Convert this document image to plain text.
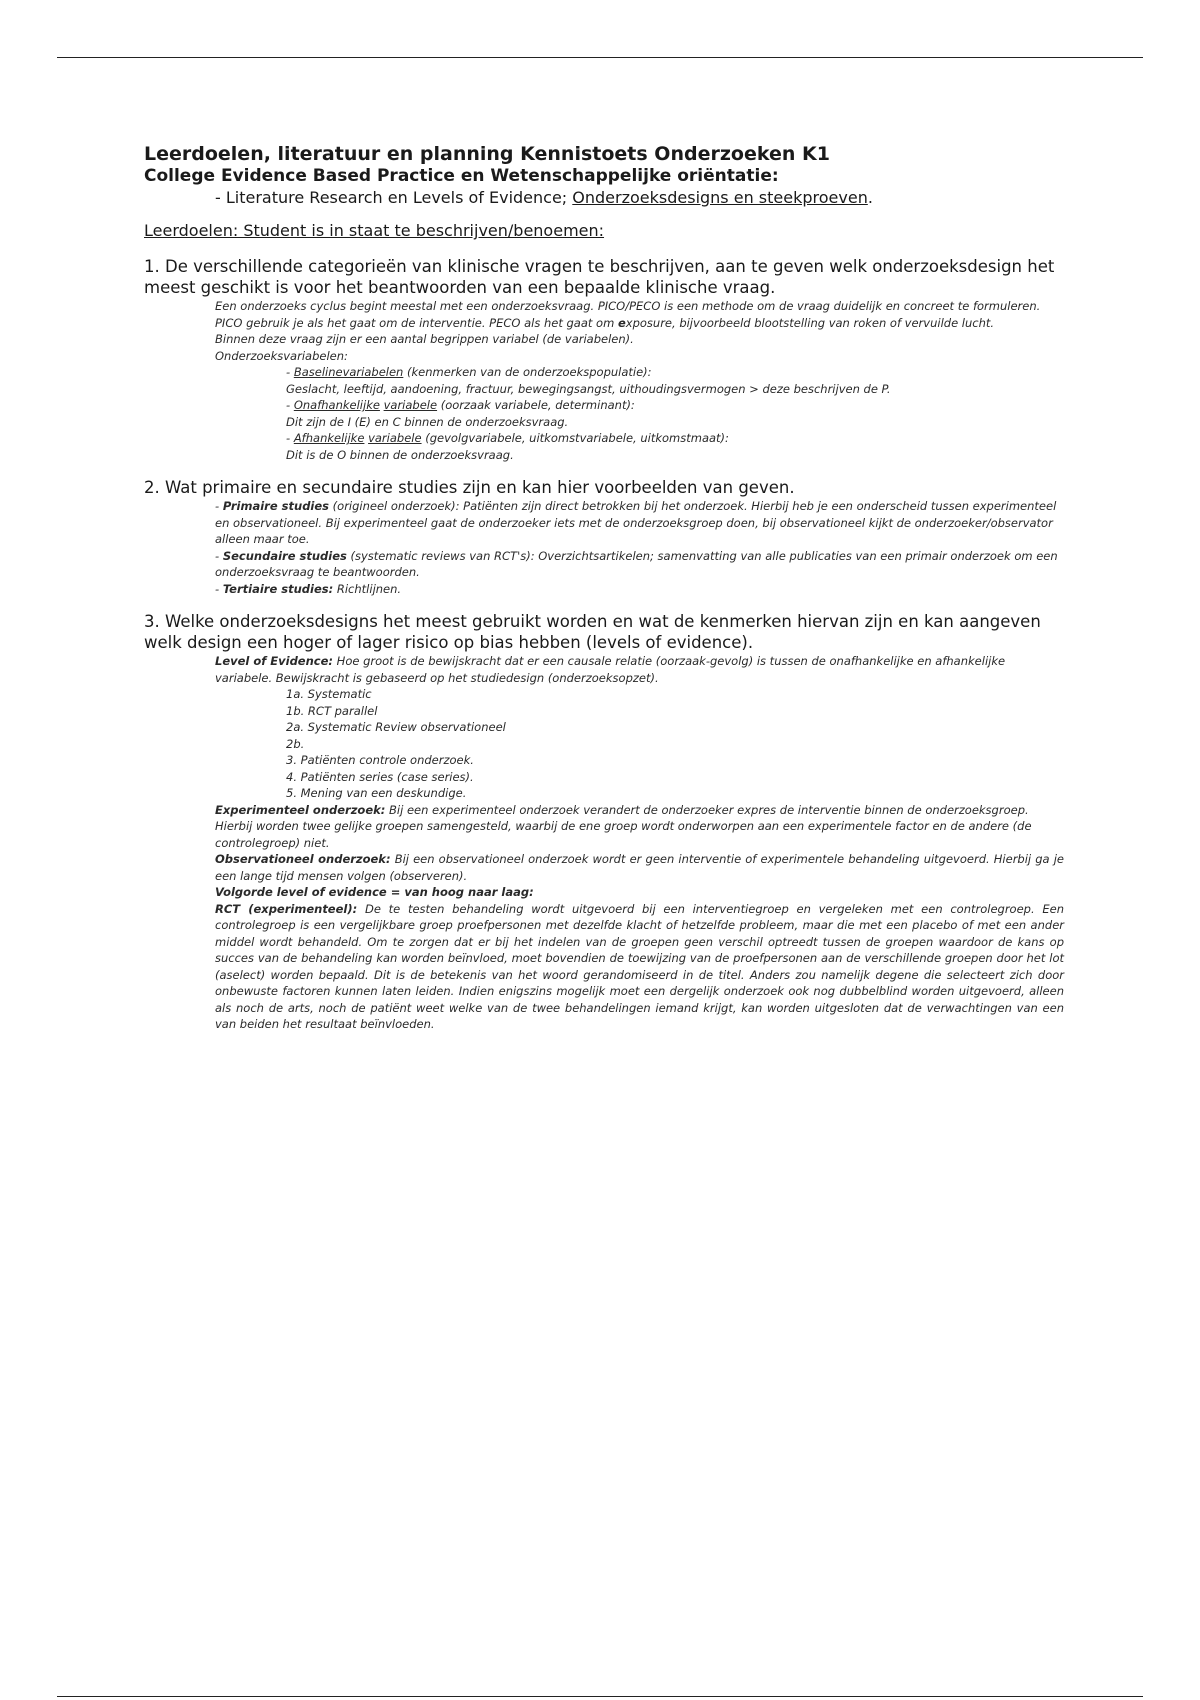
Leerdoelen, literatuur en planning Kennistoets Onderzoeken K1

College Evidence Based Practice en Wetenschappelijke oriëntatie:

- Literature Research en Levels of Evidence; Onderzoeksdesigns en steekproeven.

Leerdoelen: Student is in staat te beschrijven/benoemen:

1. De verschillende categorieën van klinische vragen te beschrijven, aan te geven welk onderzoeksdesign het meest geschikt is voor het beantwoorden van een bepaalde klinische vraag.

Een onderzoeks cyclus begint meestal met een onderzoeksvraag. PICO/PECO is een methode om de vraag duidelijk en concreet te formuleren. PICO gebruik je als het gaat om de interventie. PECO als het gaat om exposure, bijvoorbeeld blootstelling van roken of vervuilde lucht.

Binnen deze vraag zijn er een aantal begrippen variabel (de variabelen).

Onderzoeksvariabelen:

- Baselinevariabelen (kenmerken van de onderzoekspopulatie):

Geslacht, leeftijd, aandoening, fractuur, bewegingsangst, uithoudingsvermogen > deze beschrijven de P.

- Onafhankelijke variabele (oorzaak variabele, determinant):

Dit zijn de I (E) en C binnen de onderzoeksvraag.

- Afhankelijke variabele (gevolgvariabele, uitkomstvariabele, uitkomstmaat):

Dit is de O binnen de onderzoeksvraag.

2. Wat primaire en secundaire studies zijn en kan hier voorbeelden van geven.

- Primaire studies (origineel onderzoek): Patiënten zijn direct betrokken bij het onderzoek. Hierbij heb je een onderscheid tussen experimenteel en observationeel. Bij experimenteel gaat de onderzoeker iets met de onderzoeksgroep doen, bij observationeel kijkt de onderzoeker/observator alleen maar toe.

- Secundaire studies (systematic reviews van RCT's): Overzichtsartikelen; samenvatting van alle publicaties van een primair onderzoek om een onderzoeksvraag te beantwoorden.

- Tertiaire studies: Richtlijnen.

3. Welke onderzoeksdesigns het meest gebruikt worden en wat de kenmerken hiervan zijn en kan aangeven welk design een hoger of lager risico op bias hebben (levels of evidence).

Level of Evidence: Hoe groot is de bewijskracht dat er een causale relatie (oorzaak-gevolg) is tussen de onafhankelijke en afhankelijke variabele. Bewijskracht is gebaseerd op het studiedesign (onderzoeksopzet).

1a. Systematic

1b. RCT parallel

2a. Systematic Review observationeel

2b.

3. Patiënten controle onderzoek.

4. Patiënten series (case series).

5. Mening van een deskundige.

Experimenteel onderzoek: Bij een experimenteel onderzoek verandert de onderzoeker expres de interventie binnen de onderzoeksgroep. Hierbij worden twee gelijke groepen samengesteld, waarbij de ene groep wordt onderworpen aan een experimentele factor en de andere (de controlegroep) niet.

Observationeel onderzoek: Bij een observationeel onderzoek wordt er geen interventie of experimentele behandeling uitgevoerd. Hierbij ga je een lange tijd mensen volgen (observeren).

Volgorde level of evidence = van hoog naar laag:

RCT (experimenteel): De te testen behandeling wordt uitgevoerd bij een interventiegroep en vergeleken met een controlegroep. Een controlegroep is een vergelijkbare groep proefpersonen met dezelfde klacht of hetzelfde probleem, maar die met een placebo of met een ander middel wordt behandeld. Om te zorgen dat er bij het indelen van de groepen geen verschil optreedt tussen de groepen waardoor de kans op succes van de behandeling kan worden beïnvloed, moet bovendien de toewijzing van de proefpersonen aan de verschillende groepen door het lot (aselect) worden bepaald. Dit is de betekenis van het woord gerandomiseerd in de titel. Anders zou namelijk degene die selecteert zich door onbewuste factoren kunnen laten leiden. Indien enigszins mogelijk moet een dergelijk onderzoek ook nog dubbelblind worden uitgevoerd, alleen als noch de arts, noch de patiënt weet welke van de twee behandelingen iemand krijgt, kan worden uitgesloten dat de verwachtingen van een van beiden het resultaat beïnvloeden.
